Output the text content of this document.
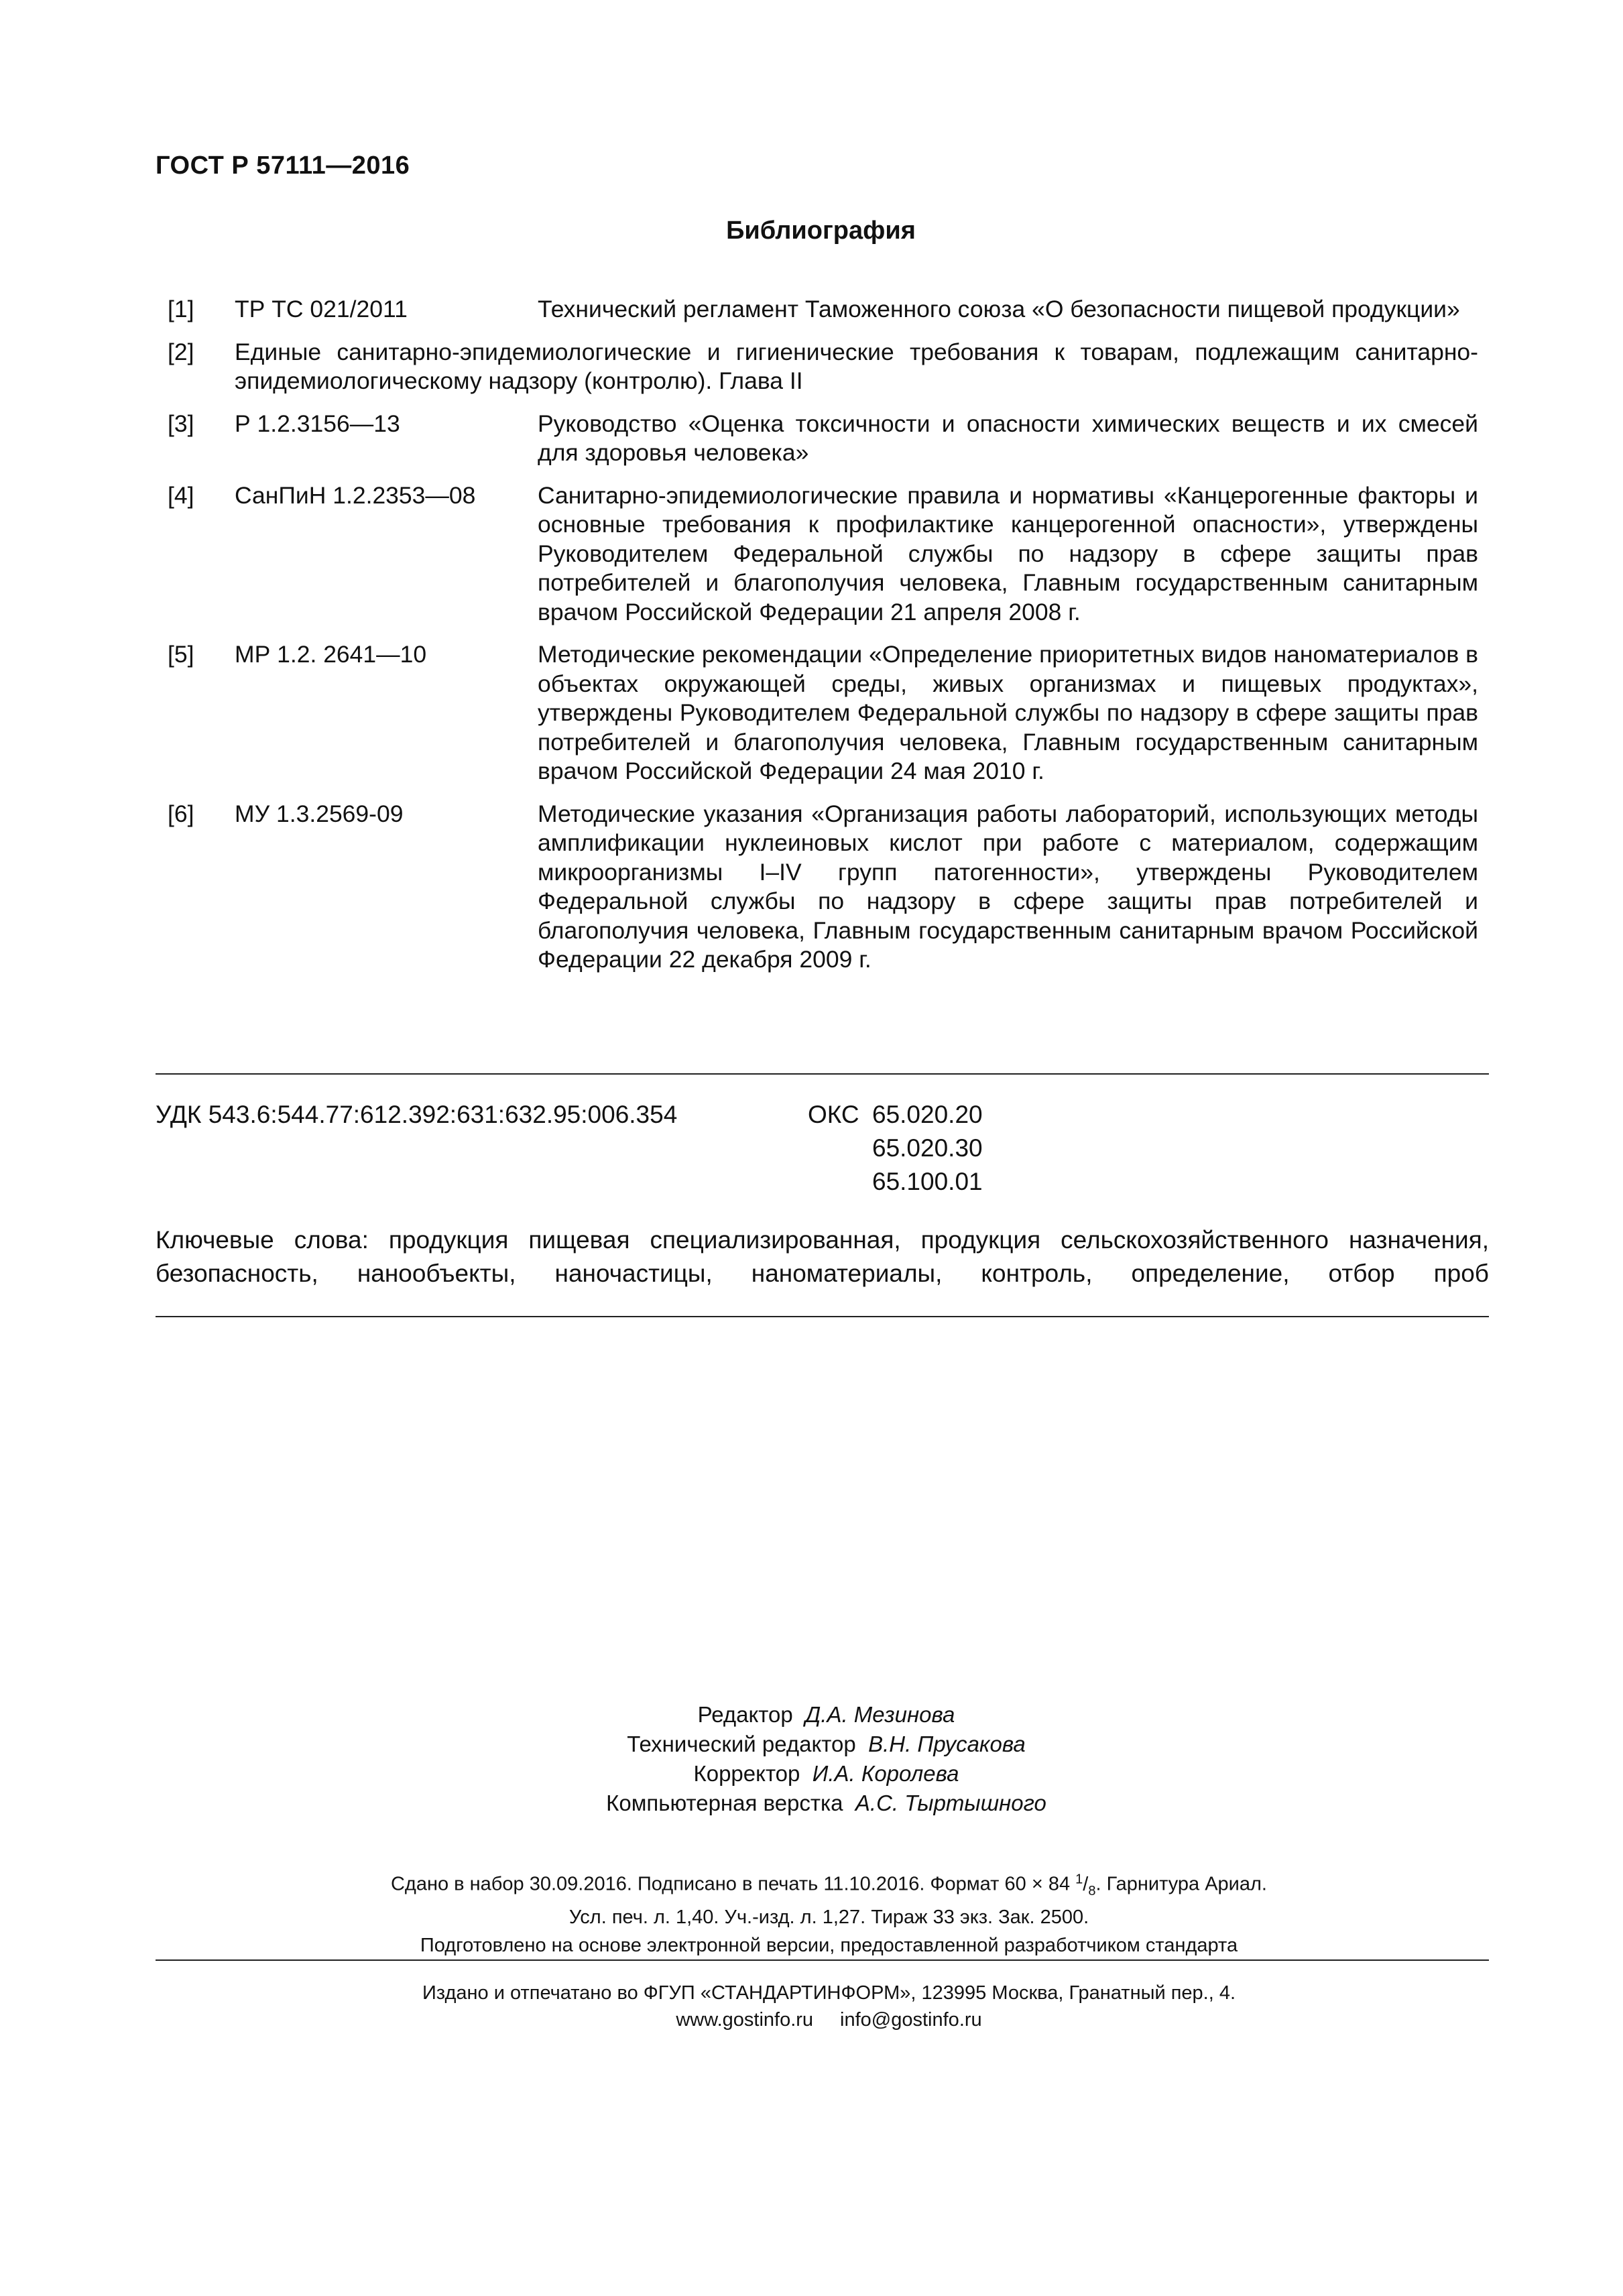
ГОСТ Р 57111—2016
Библиография
[1] ТР ТС 021/2011	Технический регламент Таможенного союза «О безопасности пищевой продукции»
[2] Единые санитарно-эпидемиологические и гигиенические требования к товарам, подлежащим санитарно-эпидемиологическому надзору (контролю). Глава II
[3] Р 1.2.3156—13	Руководство «Оценка токсичности и опасности химических веществ и их смесей для здоровья человека»
[4] СанПиН 1.2.2353—08	Санитарно-эпидемиологические правила и нормативы «Канцерогенные факторы и основные требования к профилактике канцерогенной опасности», утверждены Руководителем Федеральной службы по надзору в сфере защиты прав потребителей и благополучия человека, Главным государственным санитарным врачом Российской Федерации 21 апреля 2008 г.
[5] МР 1.2. 2641—10	Методические рекомендации «Определение приоритетных видов наноматериалов в объектах окружающей среды, живых организмах и пищевых продуктах», утверждены Руководителем Федеральной службы по надзору в сфере защиты прав потребителей и благополучия человека, Главным государственным санитарным врачом Российской Федерации 24 мая 2010 г.
[6] МУ 1.3.2569-09	Методические указания «Организация работы лабораторий, использующих методы амплификации нуклеиновых кислот при работе с материалом, содержащим микроорганизмы I–IV групп патогенности», утверждены Руководителем Федеральной службы по надзору в сфере защиты прав потребителей и благополучия человека, Главным государственным санитарным врачом Российской Федерации 22 декабря 2009 г.
УДК 543.6:544.77:612.392:631:632.95:006.354	ОКС 65.020.20
65.020.30
65.100.01
Ключевые слова: продукция пищевая специализированная, продукция сельскохозяйственного назначения, безопасность, нанообъекты, наночастицы, наноматериалы, контроль, определение, отбор проб
Редактор Д.А. Мезинова
Технический редактор В.Н. Прусакова
Корректор И.А. Королева
Компьютерная верстка А.С. Тыртышного
Сдано в набор 30.09.2016. Подписано в печать 11.10.2016. Формат 60 × 84 $^1/_8$. Гарнитура Ариал.
Усл. печ. л. 1,40. Уч.-изд. л. 1,27. Тираж 33 экз. Зак. 2500.
Подготовлено на основе электронной версии, предоставленной разработчиком стандарта
Издано и отпечатано во ФГУП «СТАНДАРТИНФОРМ», 123995 Москва, Гранатный пер., 4.
www.gostinfo.ru info@gostinfo.ru
